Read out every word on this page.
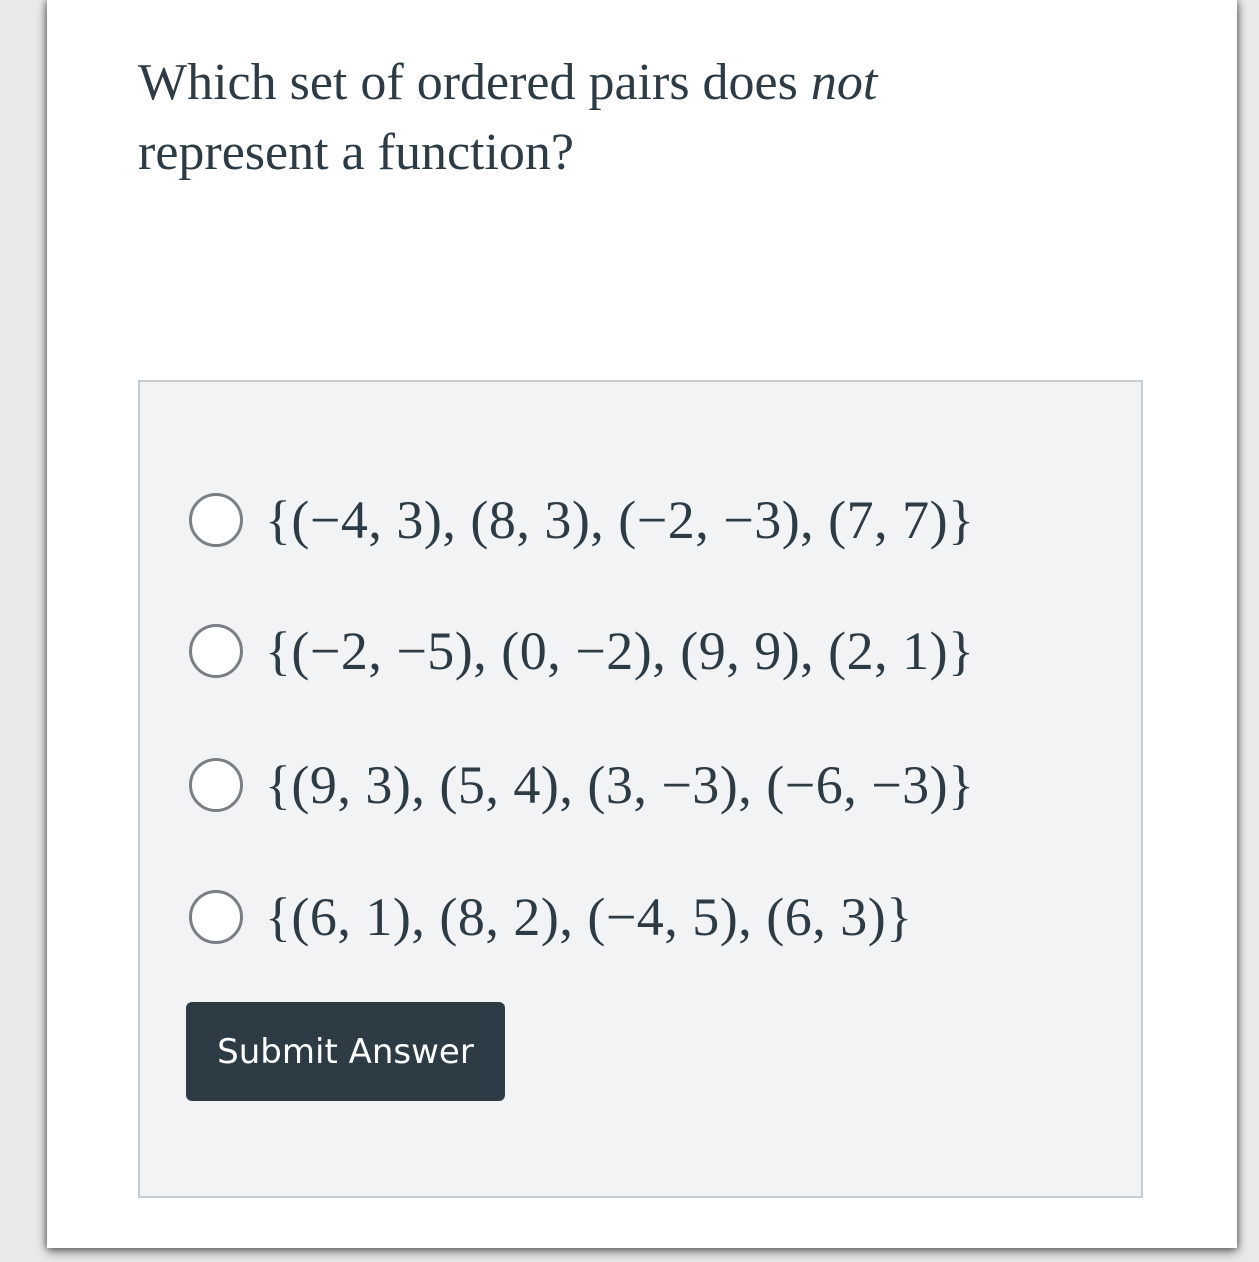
Which set of ordered pairs does not represent a function?
{(−4, 3), (8, 3), (−2, −3), (7, 7)}
{(−2, −5), (0, −2), (9, 9), (2, 1)}
{(9, 3), (5, 4), (3, −3), (−6, −3)}
{(6, 1), (8, 2), (−4, 5), (6, 3)}
Submit Answer
